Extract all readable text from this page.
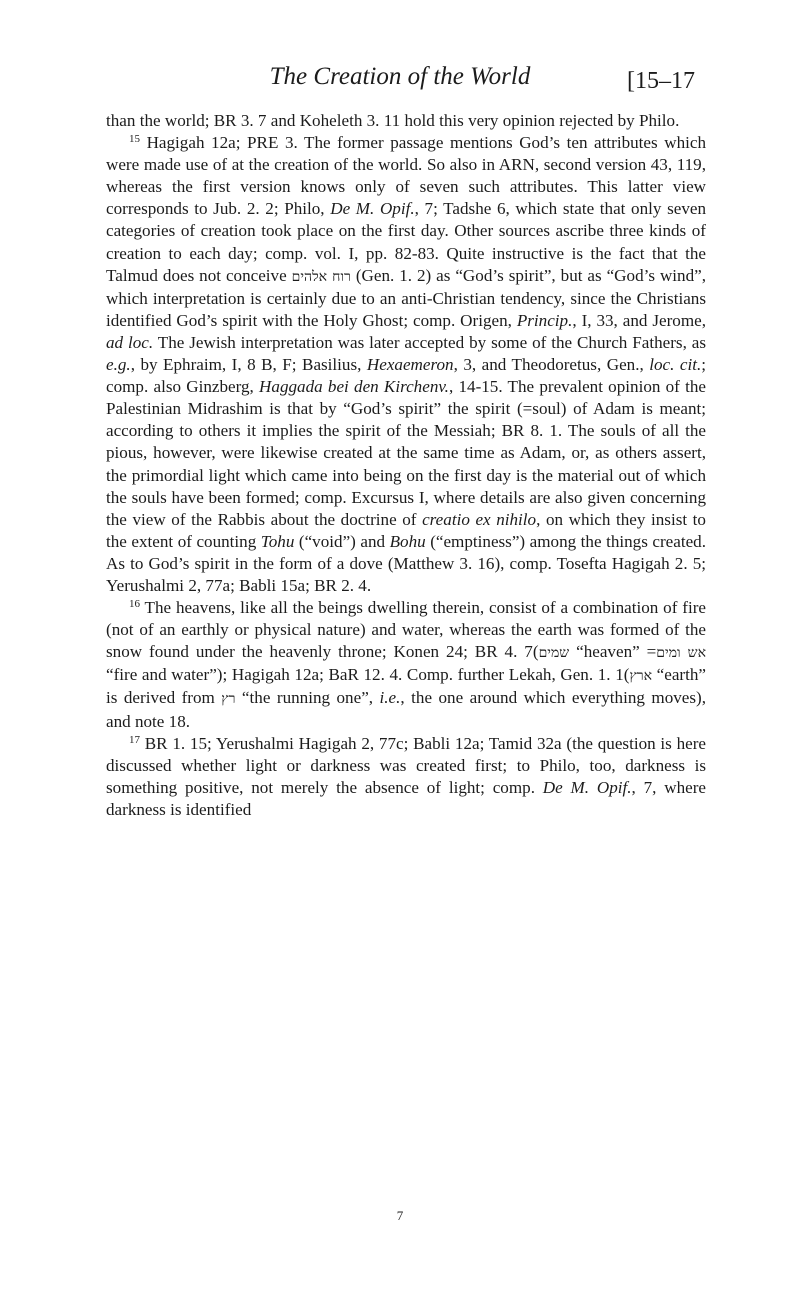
The Creation of the World	[15–17

than the world; BR 3. 7 and Koheleth 3. 11 hold this very opinion rejected by Philo.

$^{15}$ Hagigah 12a; PRE 3. The former passage mentions God’s ten attributes which were made use of at the creation of the world. So also in ARN, second version 43, 119, whereas the first version knows only of seven such attributes. This latter view corresponds to Jub. 2. 2; Philo, De M. Opif., 7; Tadshe 6, which state that only seven categories of creation took place on the first day. Other sources ascribe three kinds of creation to each day; comp. vol. I, pp. 82-83. Quite instructive is the fact that the Talmud does not conceive רוח אלהים (Gen. 1. 2) as “God’s spirit”, but as “God’s wind”, which interpretation is certainly due to an anti-Christian tendency, since the Christians identified God’s spirit with the Holy Ghost; comp. Origen, Princip., I, 33, and Jerome, ad loc. The Jewish interpretation was later accepted by some of the Church Fathers, as e.g., by Ephraim, I, 8 B, F; Basilius, Hexaemeron, 3, and Theodoretus, Gen., loc. cit.; comp. also Ginzberg, Haggada bei den Kirchenv., 14-15. The prevalent opinion of the Palestinian Midrashim is that by “God’s spirit” the spirit (=soul) of Adam is meant; according to others it implies the spirit of the Messiah; BR 8. 1. The souls of all the pious, however, were likewise created at the same time as Adam, or, as others assert, the primordial light which came into being on the first day is the material out of which the souls have been formed; comp. Excursus I, where details are also given concerning the view of the Rabbis about the doctrine of creatio ex nihilo, on which they insist to the extent of counting Tohu (“void”) and Bohu (“emptiness”) among the things created. As to God’s spirit in the form of a dove (Matthew 3. 16), comp. Tosefta Hagigah 2. 5; Yerushalmi 2, 77a; Babli 15a; BR 2. 4.

$^{16}$ The heavens, like all the beings dwelling therein, consist of a combination of fire (not of an earthly or physical nature) and water, whereas the earth was formed of the snow found under the heavenly throne; Konen 24; BR 4. 7(שמים “heaven” =אש ומים “fire and water”); Hagigah 12a; BaR 12. 4. Comp. further Lekah, Gen. 1. 1(ארץ “earth” is derived from רץ “the running one”, i.e., the one around which everything moves), and note 18.

$^{17}$ BR 1. 15; Yerushalmi Hagigah 2, 77c; Babli 12a; Tamid 32a (the question is here discussed whether light or darkness was created first; to Philo, too, darkness is something positive, not merely the absence of light; comp. De M. Opif., 7, where darkness is identified

7
